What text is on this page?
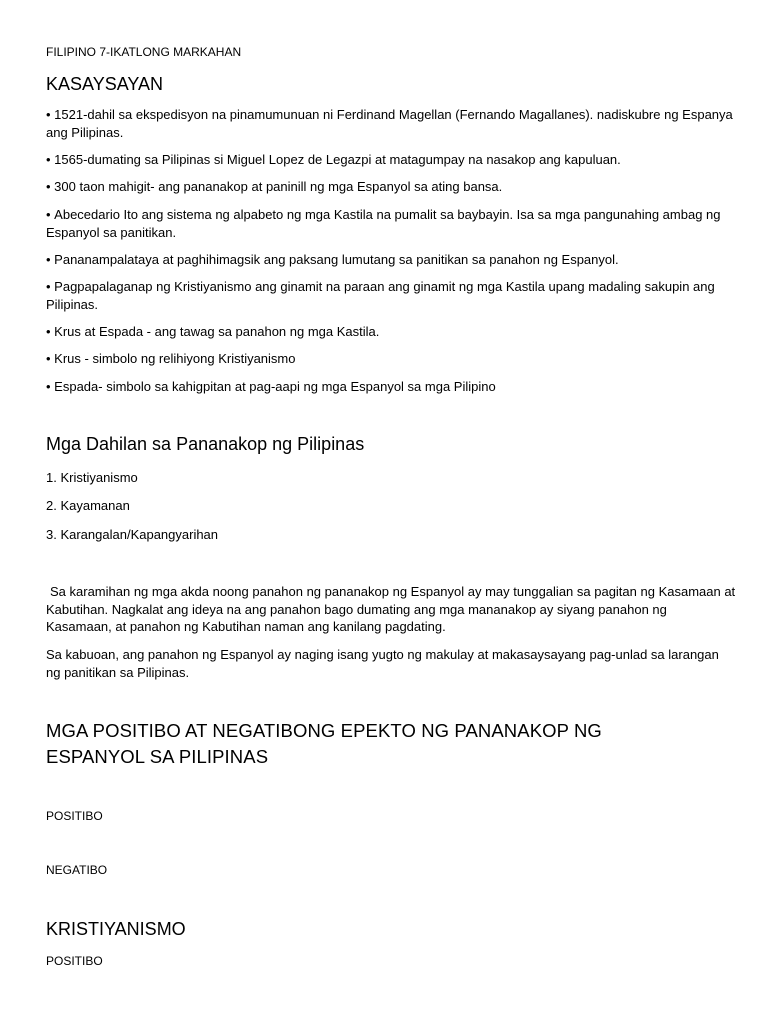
FILIPINO 7-IKATLONG MARKAHAN

KASAYSAYAN

• 1521-dahil sa ekspedisyon na pinamumunuan ni Ferdinand Magellan (Fernando Magallanes). nadiskubre ng Espanya ang Pilipinas.

• 1565-dumating sa Pilipinas si Miguel Lopez de Legazpi at matagumpay na nasakop ang kapuluan.

• 300 taon mahigit- ang pananakop at paninill ng mga Espanyol sa ating bansa.

• Abecedario Ito ang sistema ng alpabeto ng mga Kastila na pumalit sa baybayin. Isa sa mga pangunahing ambag ng Espanyol sa panitikan.

• Pananampalataya at paghihimagsik ang paksang lumutang sa panitikan sa panahon ng Espanyol.

• Pagpapalaganap ng Kristiyanismo ang ginamit na paraan ang ginamit ng mga Kastila upang madaling sakupin ang Pilipinas.

• Krus at Espada - ang tawag sa panahon ng mga Kastila.

• Krus - simbolo ng relihiyong Kristiyanismo

• Espada- simbolo sa kahigpitan at pag-aapi ng mga Espanyol sa mga Pilipino

Mga Dahilan sa Pananakop ng Pilipinas

1. Kristiyanismo

2. Kayamanan

3. Karangalan/Kapangyarihan

Sa karamihan ng mga akda noong panahon ng pananakop ng Espanyol ay may tunggalian sa pagitan ng Kasamaan at Kabutihan. Nagkalat ang ideya na ang panahon bago dumating ang mga mananakop ay siyang panahon ng Kasamaan, at panahon ng Kabutihan naman ang kanilang pagdating.

Sa kabuoan, ang panahon ng Espanyol ay naging isang yugto ng makulay at makasaysayang pag-unlad sa larangan ng panitikan sa Pilipinas.

MGA POSITIBO AT NEGATIBONG EPEKTO NG PANANAKOP NG ESPANYOL SA PILIPINAS

POSITIBO

NEGATIBO

KRISTIYANISMO

POSITIBO
